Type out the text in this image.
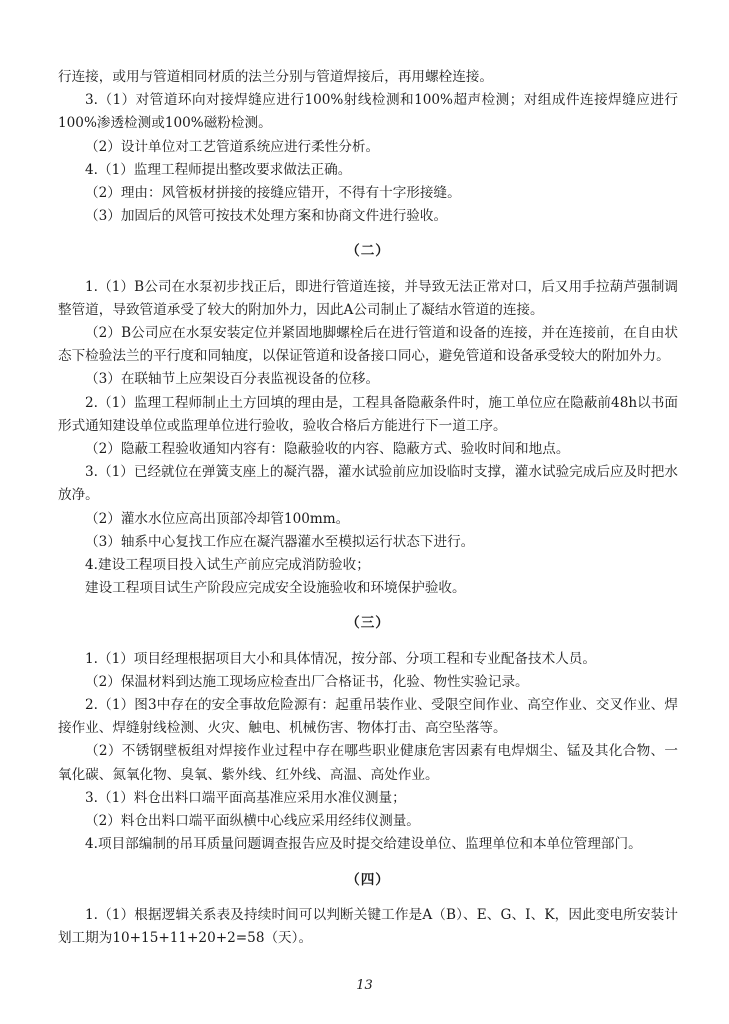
行连接，或用与管道相同材质的法兰分别与管道焊接后，再用螺栓连接。

3.（1）对管道环向对接焊缝应进行100%射线检测和100%超声检测；对组成件连接焊缝应进行100%渗透检测或100%磁粉检测。

（2）设计单位对工艺管道系统应进行柔性分析。

4.（1）监理工程师提出整改要求做法正确。

（2）理由：风管板材拼接的接缝应错开，不得有十字形接缝。

（3）加固后的风管可按技术处理方案和协商文件进行验收。

（二）

1.（1）B公司在水泵初步找正后，即进行管道连接，并导致无法正常对口，后又用手拉葫芦强制调整管道，导致管道承受了较大的附加外力，因此A公司制止了凝结水管道的连接。

（2）B公司应在水泵安装定位并紧固地脚螺栓后在进行管道和设备的连接，并在连接前，在自由状态下检验法兰的平行度和同轴度，以保证管道和设备接口同心，避免管道和设备承受较大的附加外力。

（3）在联轴节上应架设百分表监视设备的位移。

2.（1）监理工程师制止土方回填的理由是，工程具备隐蔽条件时，施工单位应在隐蔽前48h以书面形式通知建设单位或监理单位进行验收，验收合格后方能进行下一道工序。

（2）隐蔽工程验收通知内容有：隐蔽验收的内容、隐蔽方式、验收时间和地点。

3.（1）已经就位在弹簧支座上的凝汽器，灌水试验前应加设临时支撑，灌水试验完成后应及时把水放净。

（2）灌水水位应高出顶部冷却管100mm。

（3）轴系中心复找工作应在凝汽器灌水至模拟运行状态下进行。

4.建设工程项目投入试生产前应完成消防验收；

建设工程项目试生产阶段应完成安全设施验收和环境保护验收。

（三）

1.（1）项目经理根据项目大小和具体情况，按分部、分项工程和专业配备技术人员。

（2）保温材料到达施工现场应检查出厂合格证书，化验、物性实验记录。

2.（1）图3中存在的安全事故危险源有：起重吊装作业、受限空间作业、高空作业、交叉作业、焊接作业、焊缝射线检测、火灾、触电、机械伤害、物体打击、高空坠落等。

（2）不锈钢壁板组对焊接作业过程中存在哪些职业健康危害因素有电焊烟尘、锰及其化合物、一氧化碳、氮氧化物、臭氧、紫外线、红外线、高温、高处作业。

3.（1）料仓出料口端平面高基准应采用水准仪测量；

（2）料仓出料口端平面纵横中心线应采用经纬仪测量。

4.项目部编制的吊耳质量问题调查报告应及时提交给建设单位、监理单位和本单位管理部门。

（四）

1.（1）根据逻辑关系表及持续时间可以判断关键工作是A（B）、E、G、I、K，因此变电所安装计划工期为10+15+11+20+2=58（天）。

13
